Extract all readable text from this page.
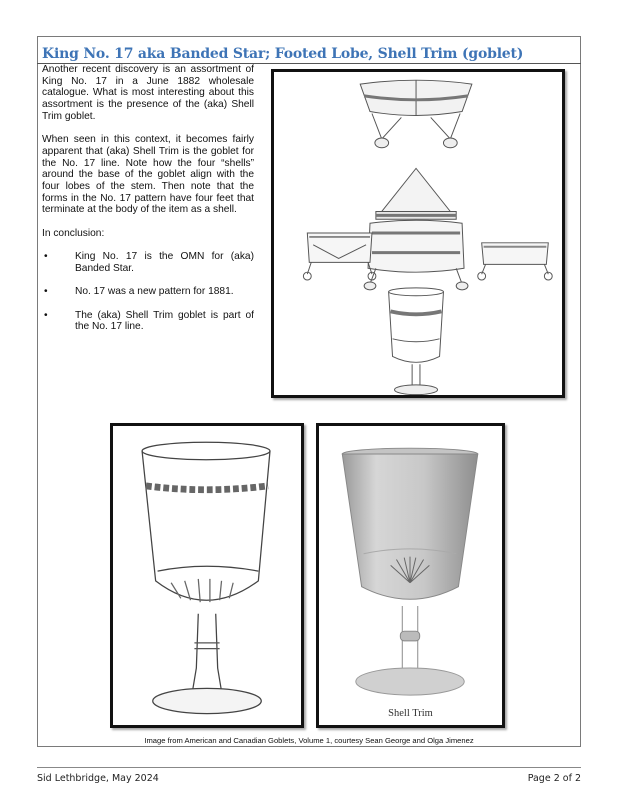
King No. 17 aka Banded Star; Footed Lobe, Shell Trim (goblet)

Another recent discovery is an assortment of King No. 17 in a June 1882 wholesale catalogue. What is most interesting about this assortment is the presence of the (aka) Shell Trim goblet.

When seen in this context, it becomes fairly apparent that (aka) Shell Trim is the goblet for the No. 17 line. Note how the four “shells” around the base of the goblet align with the four lobes of the stem. Then note that the forms in the No. 17 pattern have four feet that terminate at the body of the item as a shell.

In conclusion:

•	King No. 17 is the OMN for (aka) Banded Star.
•	No. 17 was a new pattern for 1881.
•	The (aka) Shell Trim goblet is part of the No. 17 line.
Shell Trim
Image from American and Canadian Goblets, Volume 1, courtesy Sean George and Olga Jimenez
Sid Lethbridge, May 2024	Page 2 of 2
